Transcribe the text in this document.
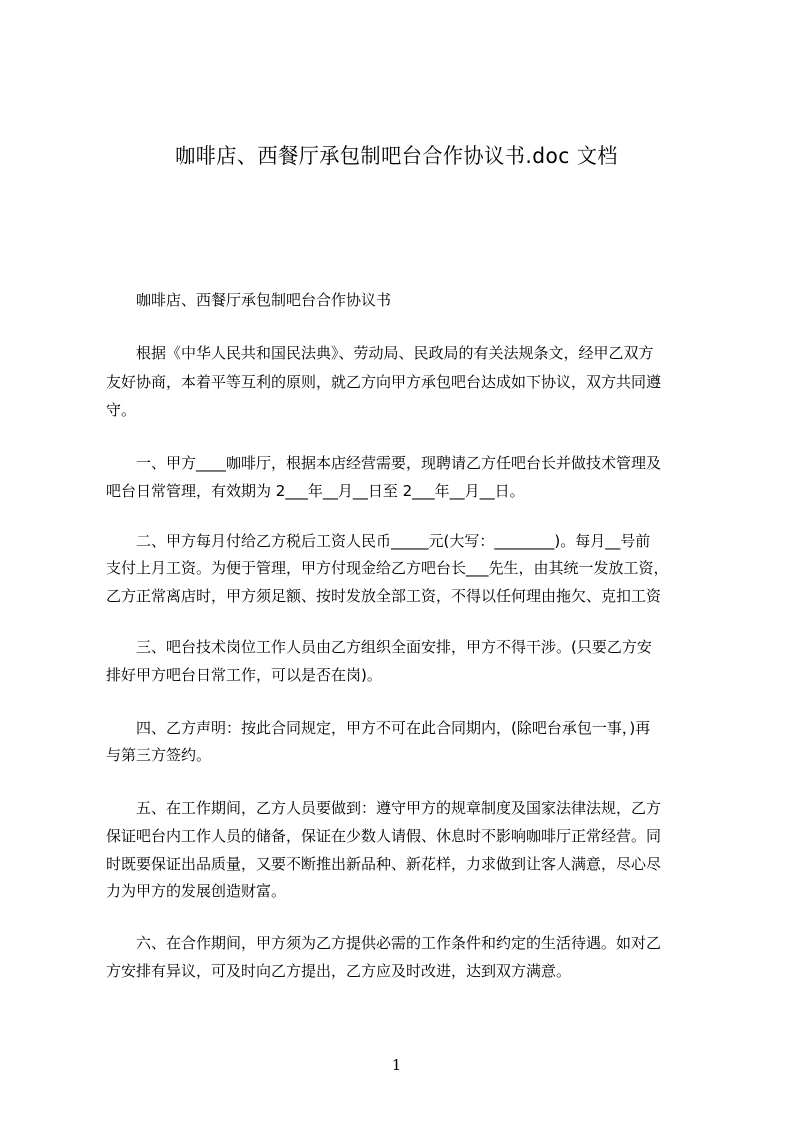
咖啡店、西餐厅承包制吧台合作协议书.doc 文档
咖啡店、西餐厅承包制吧台合作协议书
根据《中华人民共和国民法典》、劳动局、民政局的有关法规条文，经甲乙双方
友好协商，本着平等互利的原则，就乙方向甲方承包吧台达成如下协议，双方共同遵
守。
一、甲方____咖啡厅，根据本店经营需要，现聘请乙方任吧台长并做技术管理及
吧台日常管理，有效期为 2___年__月__日至 2___年__月__日。
二、甲方每月付给乙方税后工资人民币_____元(大写：________)。每月__号前
支付上月工资。为便于管理，甲方付现金给乙方吧台长___先生，由其统一发放工资，
乙方正常离店时，甲方须足额、按时发放全部工资，不得以任何理由拖欠、克扣工资
三、吧台技术岗位工作人员由乙方组织全面安排，甲方不得干涉。(只要乙方安
排好甲方吧台日常工作，可以是否在岗)。
四、乙方声明：按此合同规定，甲方不可在此合同期内，(除吧台承包一事，)再
与第三方签约。
五、在工作期间，乙方人员要做到：遵守甲方的规章制度及国家法律法规，乙方
保证吧台内工作人员的储备，保证在少数人请假、休息时不影响咖啡厅正常经营。同
时既要保证出品质量，又要不断推出新品种、新花样，力求做到让客人满意，尽心尽
力为甲方的发展创造财富。
六、在合作期间，甲方须为乙方提供必需的工作条件和约定的生活待遇。如对乙
方安排有异议，可及时向乙方提出，乙方应及时改进，达到双方满意。
1
